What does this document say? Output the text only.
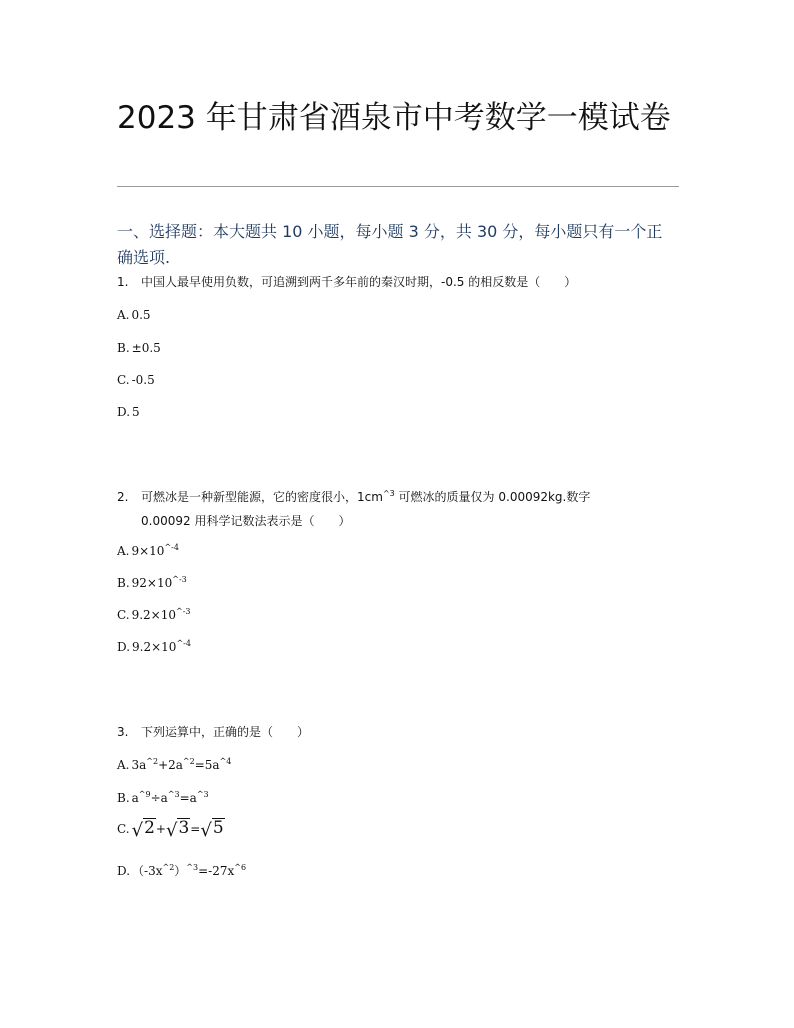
2023 年甘肃省酒泉市中考数学一模试卷
一、选择题：本大题共 10 小题，每小题 3 分，共 30 分，每小题只有一个正确选项.
1. 中国人最早使用负数，可追溯到两千多年前的秦汉时期，-0.5 的相反数是（　　）
A. 0.5
B. ±0.5
C. -0.5
D. 5
2. 可燃冰是一种新型能源，它的密度很小，$1cm^{\^{}3}$ 可燃冰的质量仅为 0.00092kg.数字
0.00092 用科学记数法表示是（　　）
A. $9\times 10^{\^{}-4}$
B. $92\times 10^{\^{}-3}$
C. $9.2\times 10^{\^{}-3}$
D. $9.2\times 10^{\^{}-4}$
3. 下列运算中，正确的是（　　）
A. $3a^{\^{}2}+2a^{\^{}2}=5a^{\^{}4}$
B. $a^{\^{}9}\div a^{\^{}3}=a^{\^{}3}$
C. √2+√3=√5
D. $(-3x^{\^{}2})^{\^{}3}=-27x^{\^{}6}$
